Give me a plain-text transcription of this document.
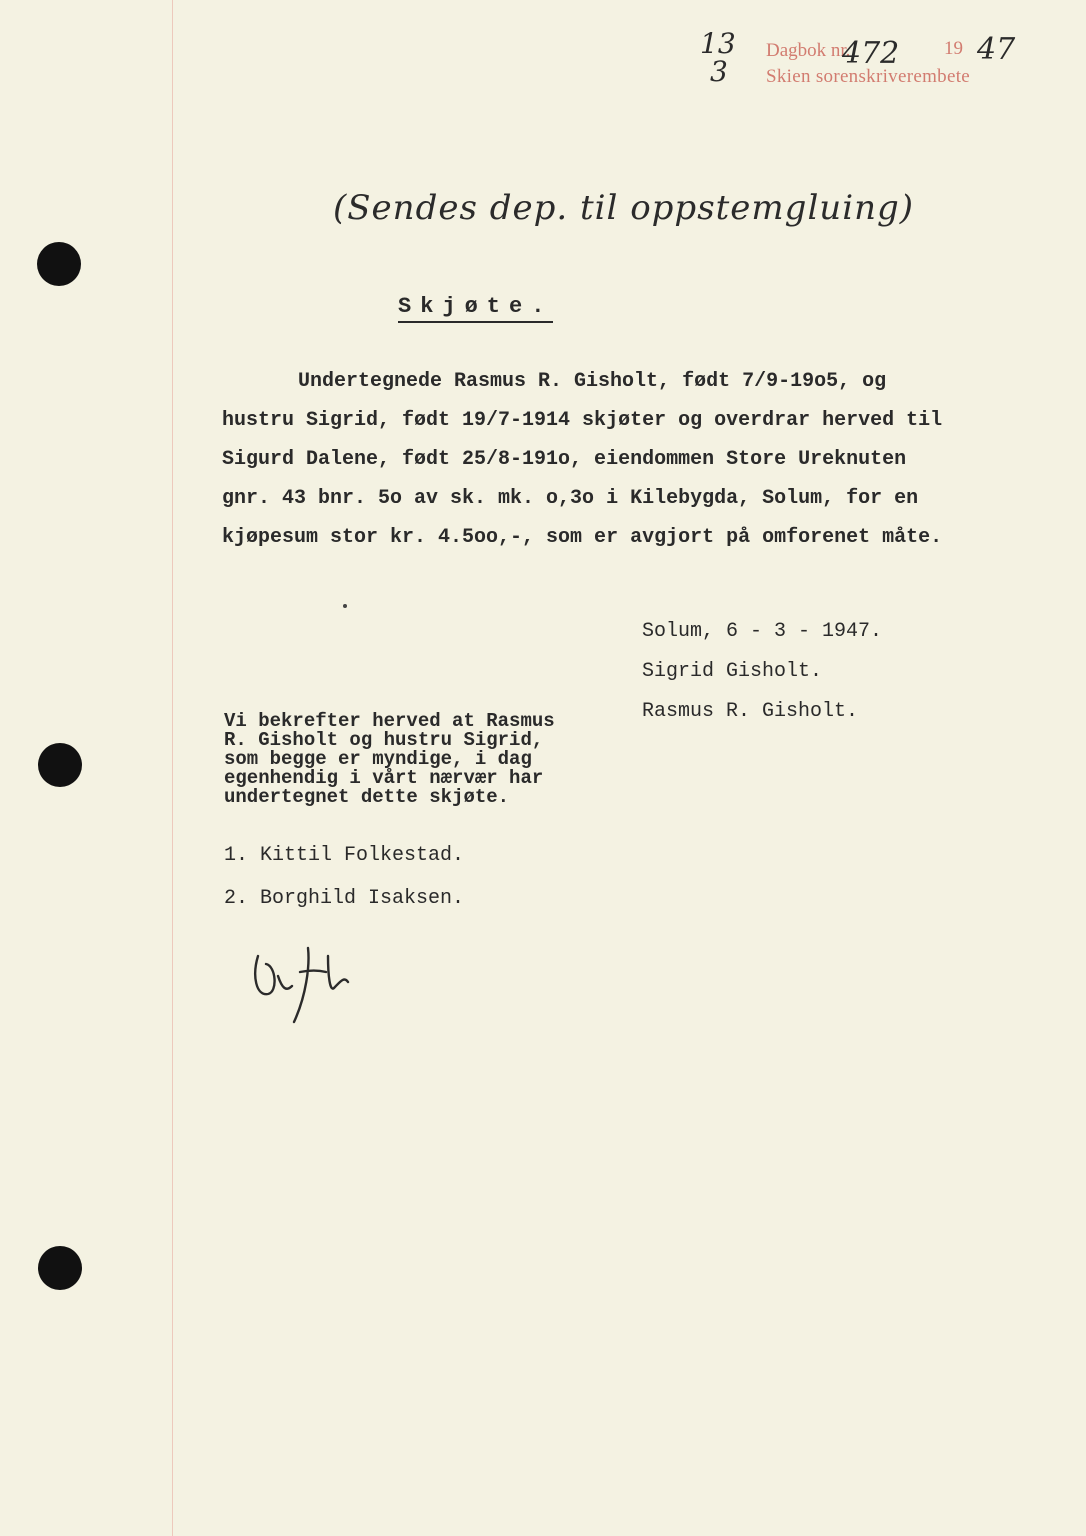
Dagbok nr.
Skien sorenskriverembete
19
472	47
13
3
(Sendes dep. til oppstemgluing)
Skjøte.

Undertegnede Rasmus R. Gisholt, født 7/9-19o5, og

hustru Sigrid, født 19/7-1914 skjøter og overdrar herved til

Sigurd Dalene, født 25/8-191o, eiendommen Store Ureknuten

gnr. 43 bnr. 5o av sk. mk. o,3o i Kilebygda, Solum, for en

kjøpesum stor kr. 4.5oo,-, som er avgjort på omforenet måte.

Solum, 6 - 3 - 1947.
Sigrid Gisholt.
Rasmus R. Gisholt.
Vi bekrefter herved at Rasmus
R. Gisholt og hustru Sigrid,
som begge er myndige, i dag
egenhendig i vårt nærvær har
undertegnet dette skjøte.
1. Kittil Folkestad.
2. Borghild Isaksen.
